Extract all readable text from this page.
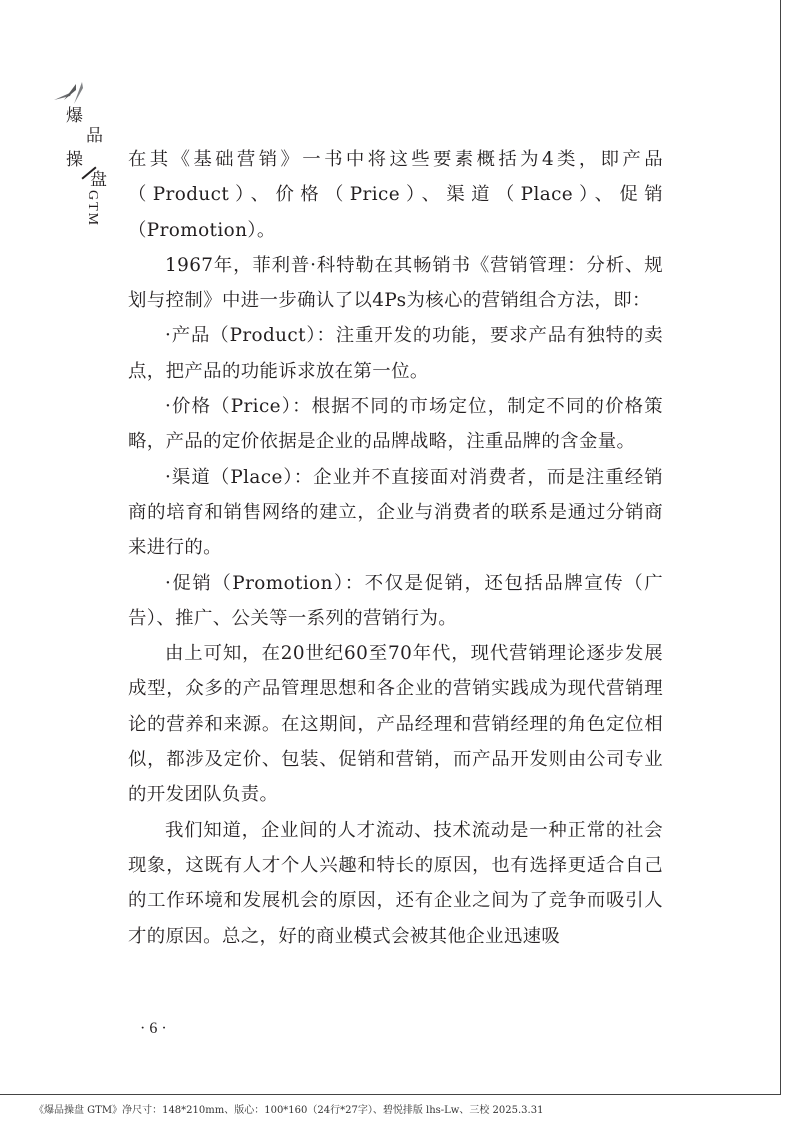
爆
品
操
盘
GTM

在其《基础营销》一书中将这些要素概括为4类，即产品（Product）、价格（Price）、渠道（Place）、促销（Promotion）。

1967年，菲利普·科特勒在其畅销书《营销管理：分析、规划与控制》中进一步确认了以4Ps为核心的营销组合方法，即：

·产品（Product）：注重开发的功能，要求产品有独特的卖点，把产品的功能诉求放在第一位。

·价格（Price）：根据不同的市场定位，制定不同的价格策略，产品的定价依据是企业的品牌战略，注重品牌的含金量。

·渠道（Place）：企业并不直接面对消费者，而是注重经销商的培育和销售网络的建立，企业与消费者的联系是通过分销商来进行的。

·促销（Promotion）：不仅是促销，还包括品牌宣传（广告）、推广、公关等一系列的营销行为。

由上可知，在20世纪60至70年代，现代营销理论逐步发展成型，众多的产品管理思想和各企业的营销实践成为现代营销理论的营养和来源。在这期间，产品经理和营销经理的角色定位相似，都涉及定价、包装、促销和营销，而产品开发则由公司专业的开发团队负责。

我们知道，企业间的人才流动、技术流动是一种正常的社会现象，这既有人才个人兴趣和特长的原因，也有选择更适合自己的工作环境和发展机会的原因，还有企业之间为了竞争而吸引人才的原因。总之，好的商业模式会被其他企业迅速吸

· 6 ·
《爆品操盘 GTM》净尺寸：148*210mm、版心：100*160（24行*27字）、碧悦排版 lhs-Lw、三校 2025.3.31
